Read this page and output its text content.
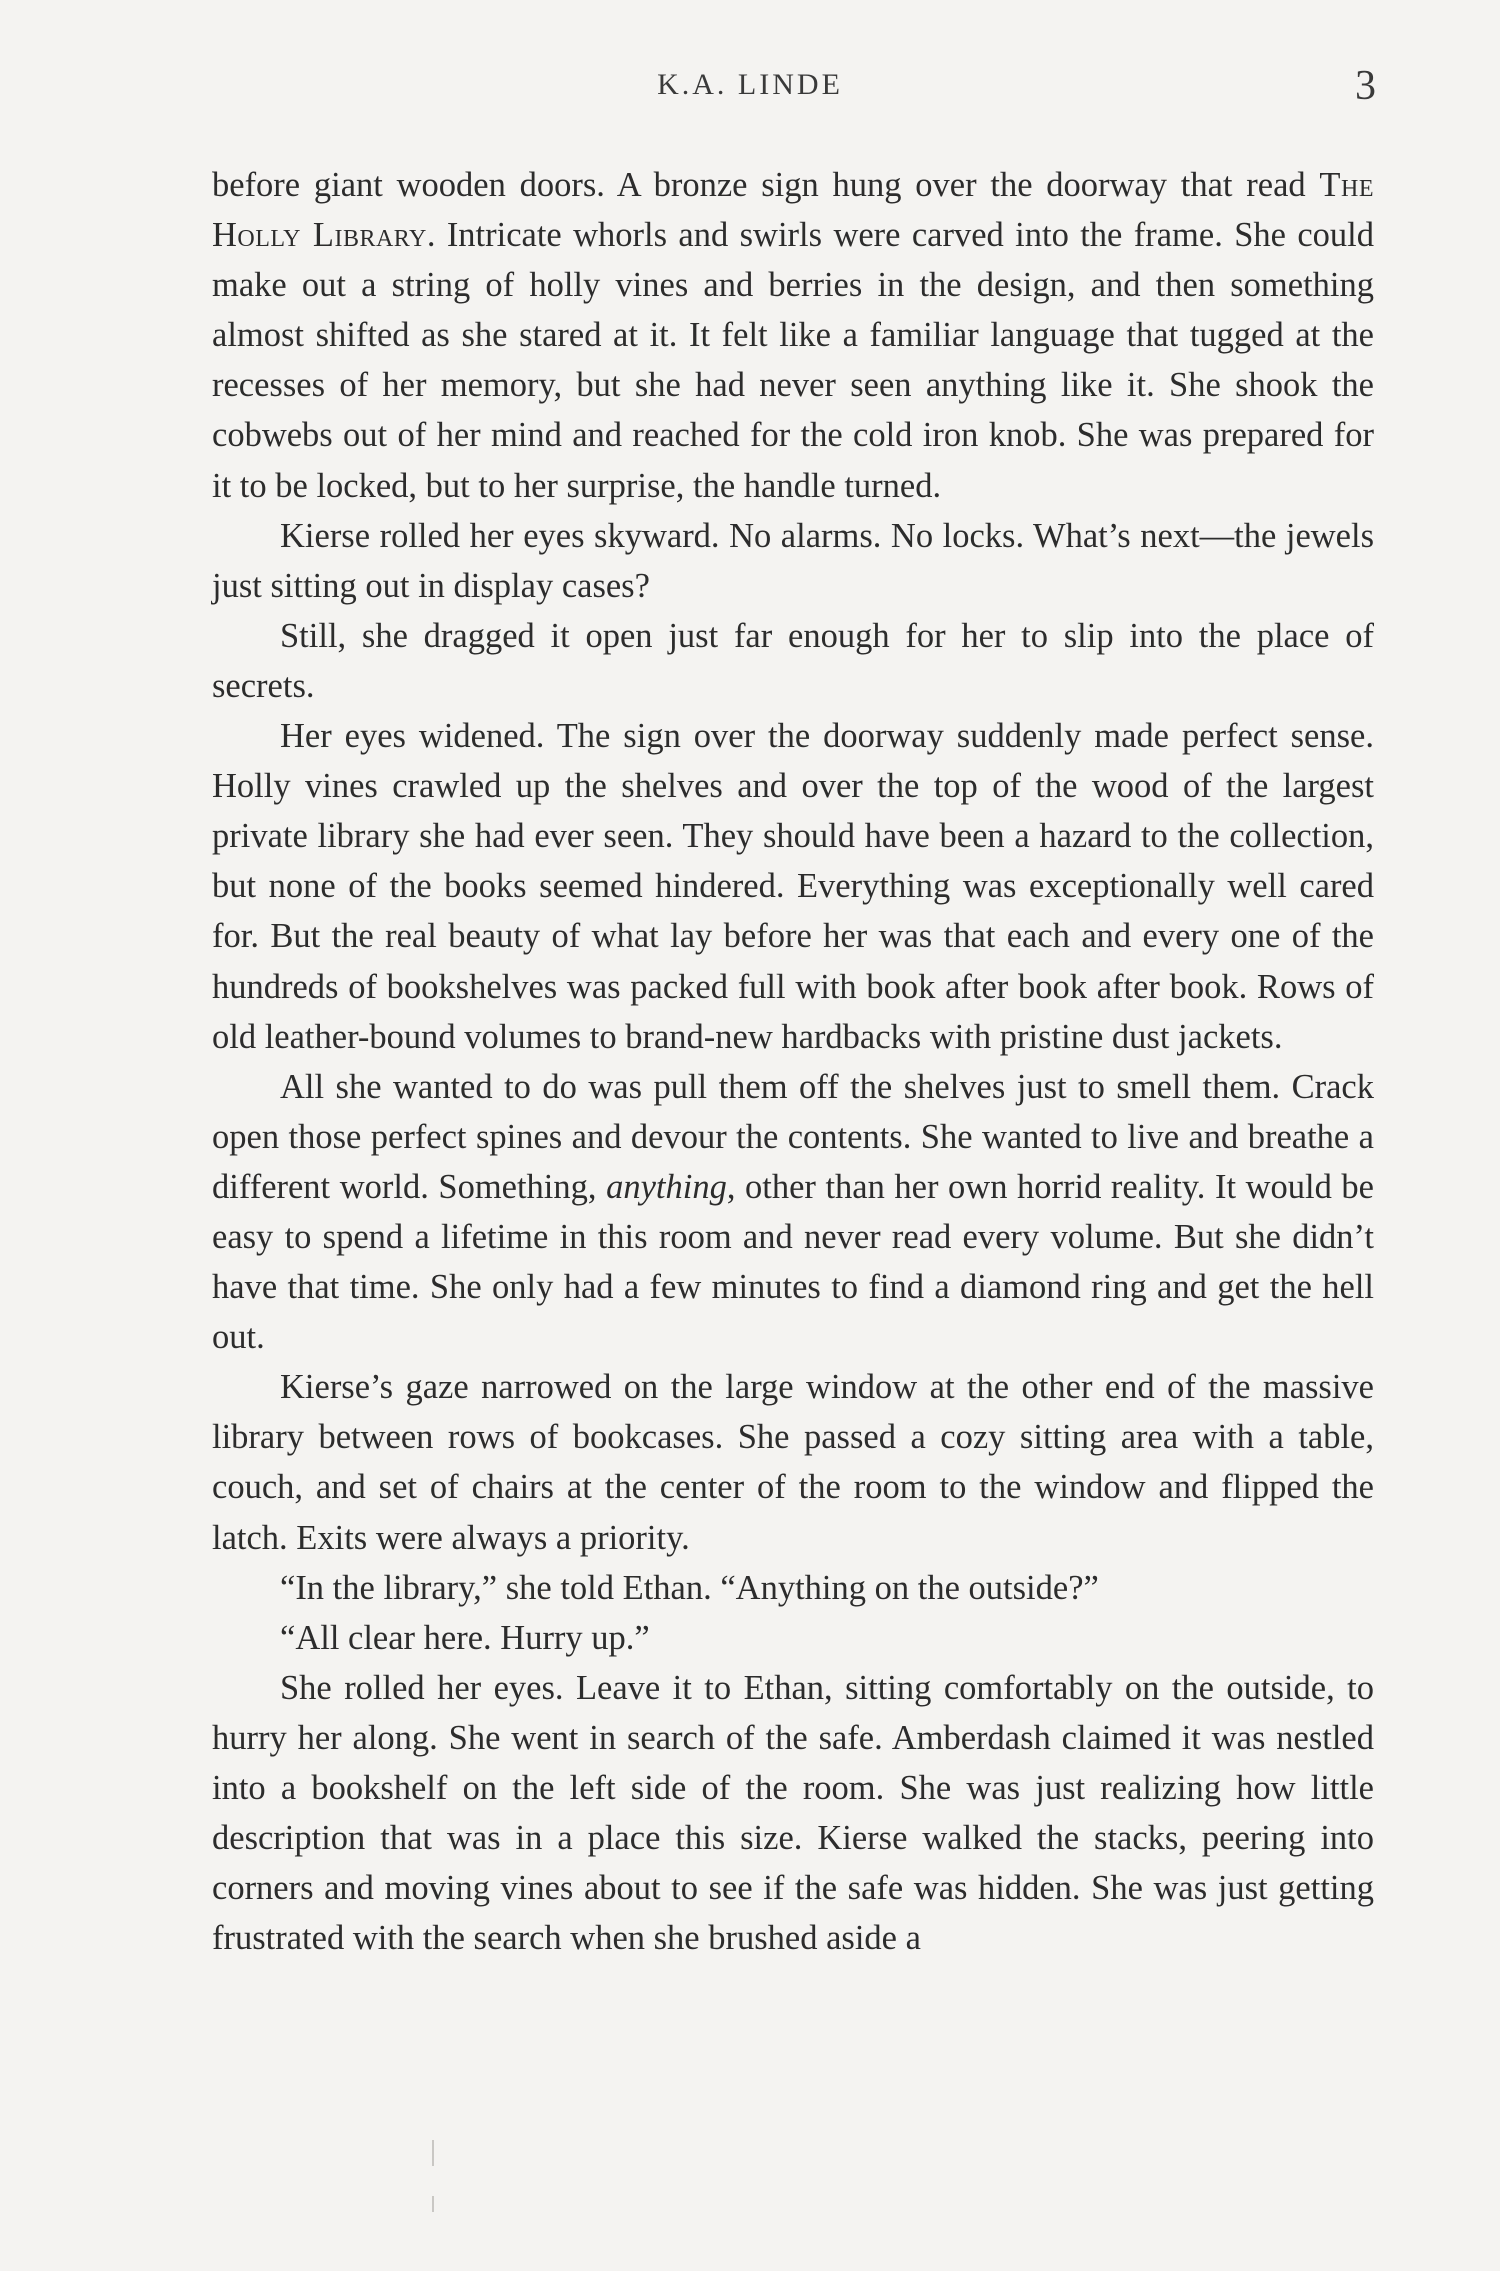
K.A. LINDE	3

before giant wooden doors. A bronze sign hung over the doorway that read The Holly Library. Intricate whorls and swirls were carved into the frame. She could make out a string of holly vines and berries in the design, and then something almost shifted as she stared at it. It felt like a familiar language that tugged at the recesses of her memory, but she had never seen anything like it. She shook the cobwebs out of her mind and reached for the cold iron knob. She was prepared for it to be locked, but to her surprise, the handle turned.

Kierse rolled her eyes skyward. No alarms. No locks. What’s next—the jewels just sitting out in display cases?

Still, she dragged it open just far enough for her to slip into the place of secrets.

Her eyes widened. The sign over the doorway suddenly made perfect sense. Holly vines crawled up the shelves and over the top of the wood of the largest private library she had ever seen. They should have been a hazard to the collection, but none of the books seemed hindered. Everything was exceptionally well cared for. But the real beauty of what lay before her was that each and every one of the hundreds of bookshelves was packed full with book after book after book. Rows of old leather-bound volumes to brand-new hardbacks with pristine dust jackets.

All she wanted to do was pull them off the shelves just to smell them. Crack open those perfect spines and devour the contents. She wanted to live and breathe a different world. Something, anything, other than her own horrid reality. It would be easy to spend a lifetime in this room and never read every volume. But she didn’t have that time. She only had a few minutes to find a diamond ring and get the hell out.

Kierse’s gaze narrowed on the large window at the other end of the massive library between rows of bookcases. She passed a cozy sitting area with a table, couch, and set of chairs at the center of the room to the window and flipped the latch. Exits were always a priority.

“In the library,” she told Ethan. “Anything on the outside?”

“All clear here. Hurry up.”

She rolled her eyes. Leave it to Ethan, sitting comfortably on the outside, to hurry her along. She went in search of the safe. Amberdash claimed it was nestled into a bookshelf on the left side of the room. She was just realizing how little description that was in a place this size. Kierse walked the stacks, peering into corners and moving vines about to see if the safe was hidden. She was just getting frustrated with the search when she brushed aside a
